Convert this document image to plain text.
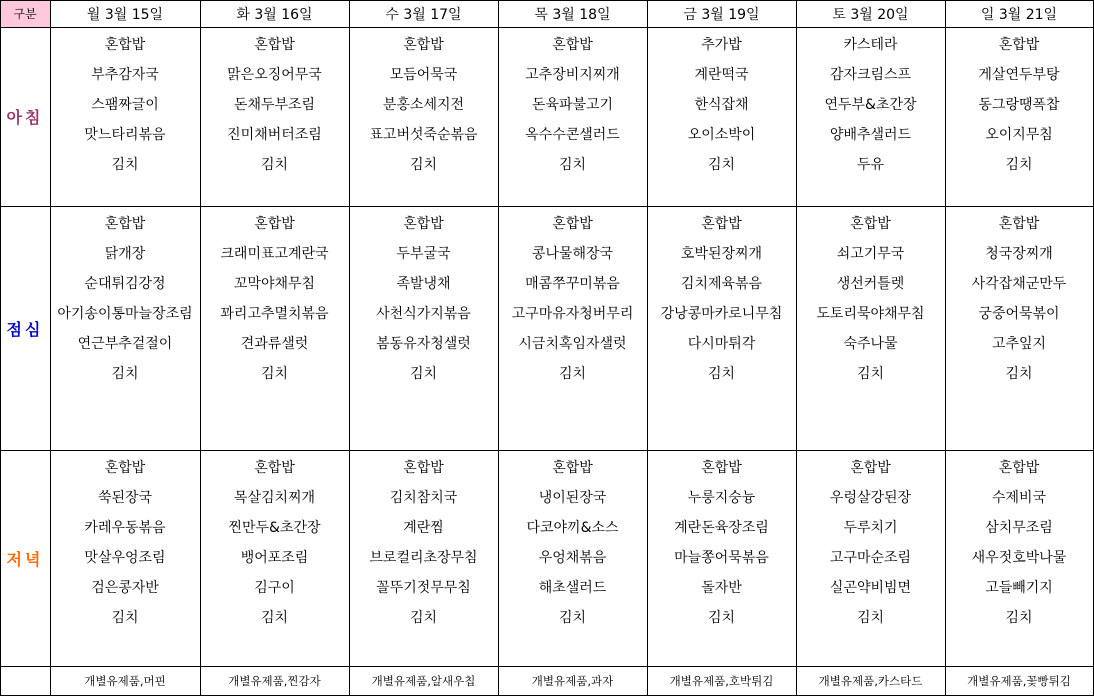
구분	월 3월 15일	화 3월 16일	수 3월 17일	목 3월 18일	금 3월 19일	토 3월 20일	일 3월 21일
아침
혼합밥	혼합밥	혼합밥	혼합밥	추가밥	카스테라	혼합밥
부추감자국	맑은오징어무국	모듬어묵국	고추장비지찌개	계란떡국	감자크림스프	게살연두부탕
스팸짜글이	돈채두부조림	분홍소세지전	돈육파불고기	한식잡채	연두부&초간장	동그랑땡폭찹
맛느타리볶음	진미채버터조림	표고버섯죽순볶음	옥수수콘샐러드	오이소박이	양배추샐러드	오이지무침
김치	김치	김치	김치	김치	두유	김치
점심
혼합밥	혼합밥	혼합밥	혼합밥	혼합밥	혼합밥	혼합밥
닭개장	크래미표고계란국	두부굴국	콩나물해장국	호박된장찌개	쇠고기무국	청국장찌개
순대튀김강정	꼬막야채무침	족발냉채	매콤쭈꾸미볶음	김치제육볶음	생선커틀렛	사각잡채군만두
아기송이통마늘장조림	꽈리고추멸치볶음	사천식가지볶음	고구마유자청버무리	강낭콩마카로니무침	도토리묵야채무침	궁중어묵볶이
연근부추겉절이	견과류샐럿	봄동유자청샐럿	시금치혹임자샐럿	다시마튀각	숙주나물	고추잎지
김치	김치	김치	김치	김치	김치	김치
저녁
혼합밥	혼합밥	혼합밥	혼합밥	혼합밥	혼합밥	혼합밥
쑥된장국	목살김치찌개	김치참치국	냉이된장국	누룽지숭늉	우렁살강된장	수제비국
카레우동볶음	찐만두&초간장	계란찜	다코야끼&소스	계란돈육장조림	두루치기	삼치무조림
맛살우엉조림	뱅어포조림	브로컬리초장무침	우엉채볶음	마늘쫑어묵볶음	고구마순조림	새우젓호박나물
검은콩자반	김구이	꼴뚜기젓무무침	해초샐러드	돌자반	실곤약비빔면	고들빼기지
김치	김치	김치	김치	김치	김치	김치
개별유제품,머핀	개별유제품,찐감자	개별유제품,알새우칩	개별유제품,과자	개별유제품,호박튀김	개별유제품,카스타드	개별유제품,꽃빵튀김
